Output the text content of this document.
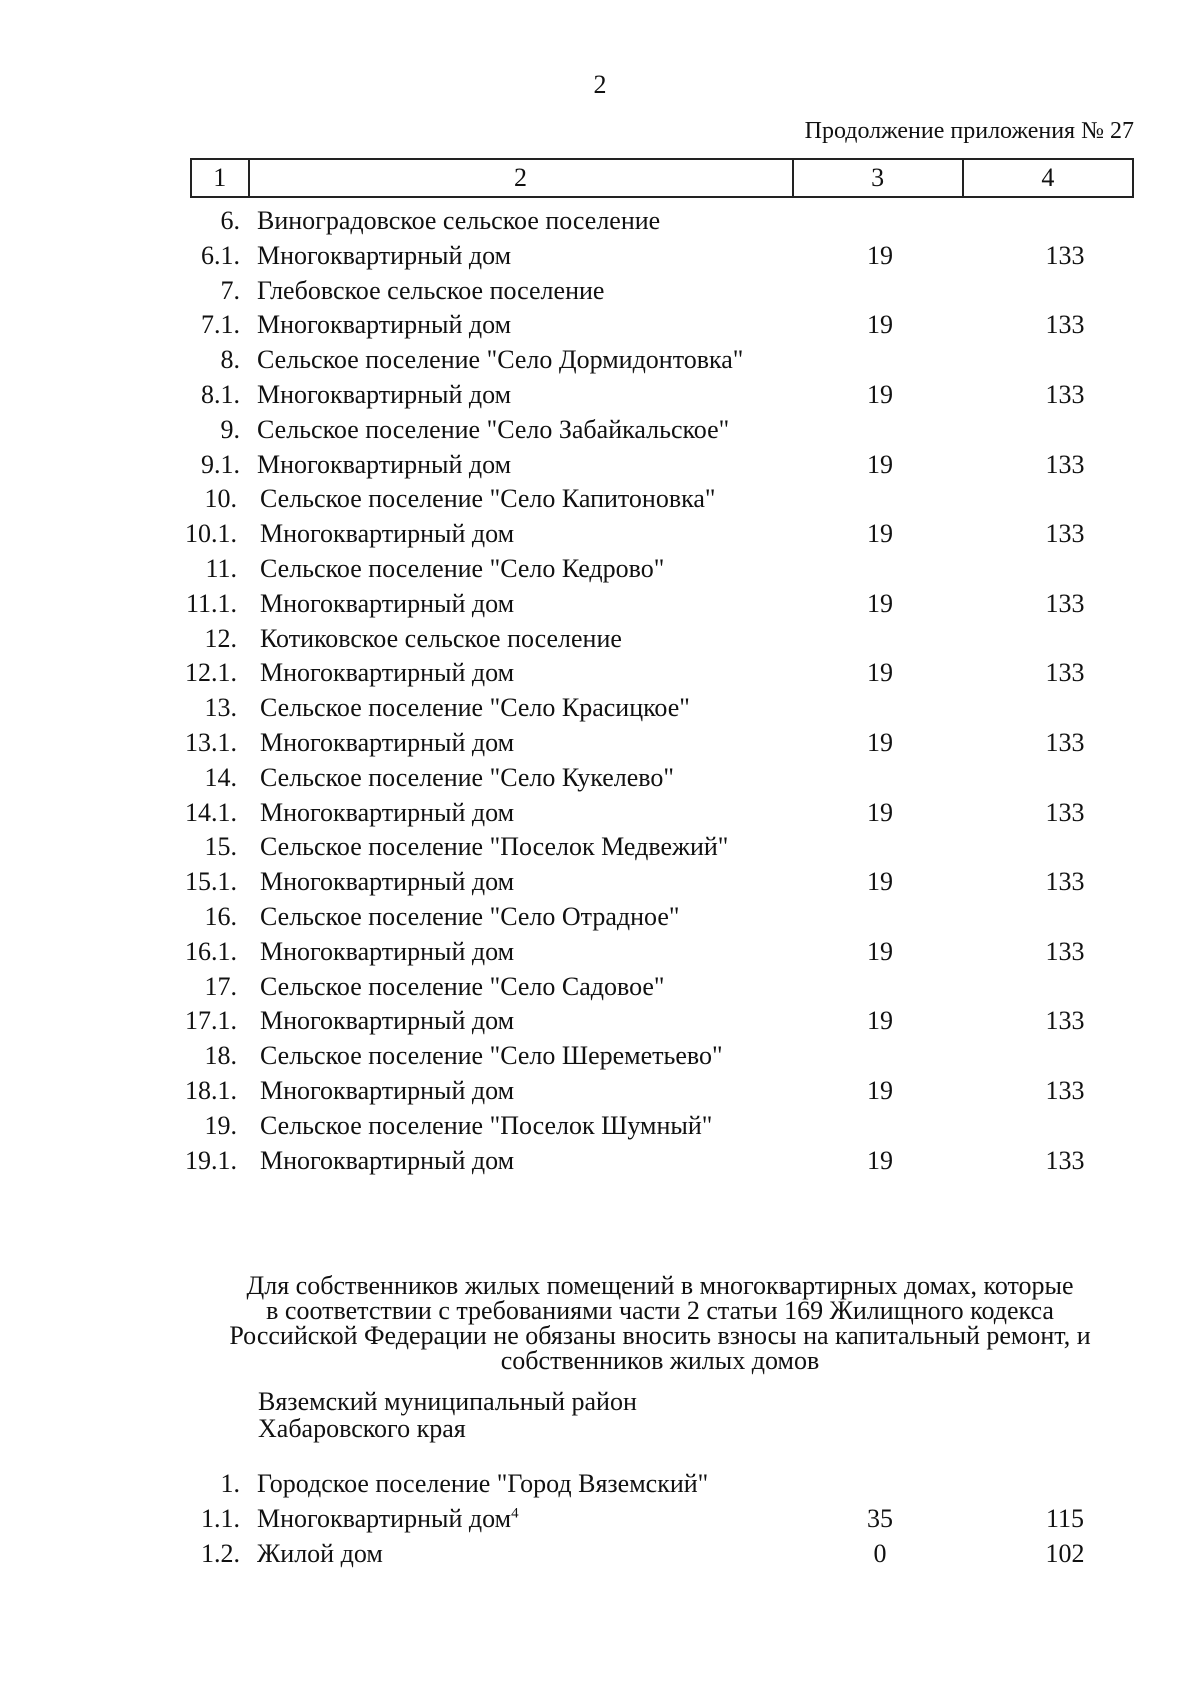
2
Продолжение приложения № 27
1	2	3	4
6. Виноградовское сельское поселение
6.1. Многоквартирный дом	19	133
7. Глебовское сельское поселение
7.1. Многоквартирный дом	19	133
8. Сельское поселение "Село Дормидонтовка"
8.1. Многоквартирный дом	19	133
9. Сельское поселение "Село Забайкальское"
9.1. Многоквартирный дом	19	133
10. Сельское поселение "Село Капитоновка"
10.1. Многоквартирный дом	19	133
11. Сельское поселение "Село Кедрово"
11.1. Многоквартирный дом	19	133
12. Котиковское сельское поселение
12.1. Многоквартирный дом	19	133
13. Сельское поселение "Село Красицкое"
13.1. Многоквартирный дом	19	133
14. Сельское поселение "Село Кукелево"
14.1. Многоквартирный дом	19	133
15. Сельское поселение "Поселок Медвежий"
15.1. Многоквартирный дом	19	133
16. Сельское поселение "Село Отрадное"
16.1. Многоквартирный дом	19	133
17. Сельское поселение "Село Садовое"
17.1. Многоквартирный дом	19	133
18. Сельское поселение "Село Шереметьево"
18.1. Многоквартирный дом	19	133
19. Сельское поселение "Поселок Шумный"
19.1. Многоквартирный дом	19	133
Для собственников жилых помещений в многоквартирных домах, которые
в соответствии с требованиями части 2 статьи 169 Жилищного кодекса
Российской Федерации не обязаны вносить взносы на капитальный ремонт, и
собственников жилых домов
Вяземский муниципальный район
Хабаровского края
1. Городское поселение "Город Вяземский"
1.1. Многоквартирный дом$^4$	35	115
1.2. Жилой дом	0	102
